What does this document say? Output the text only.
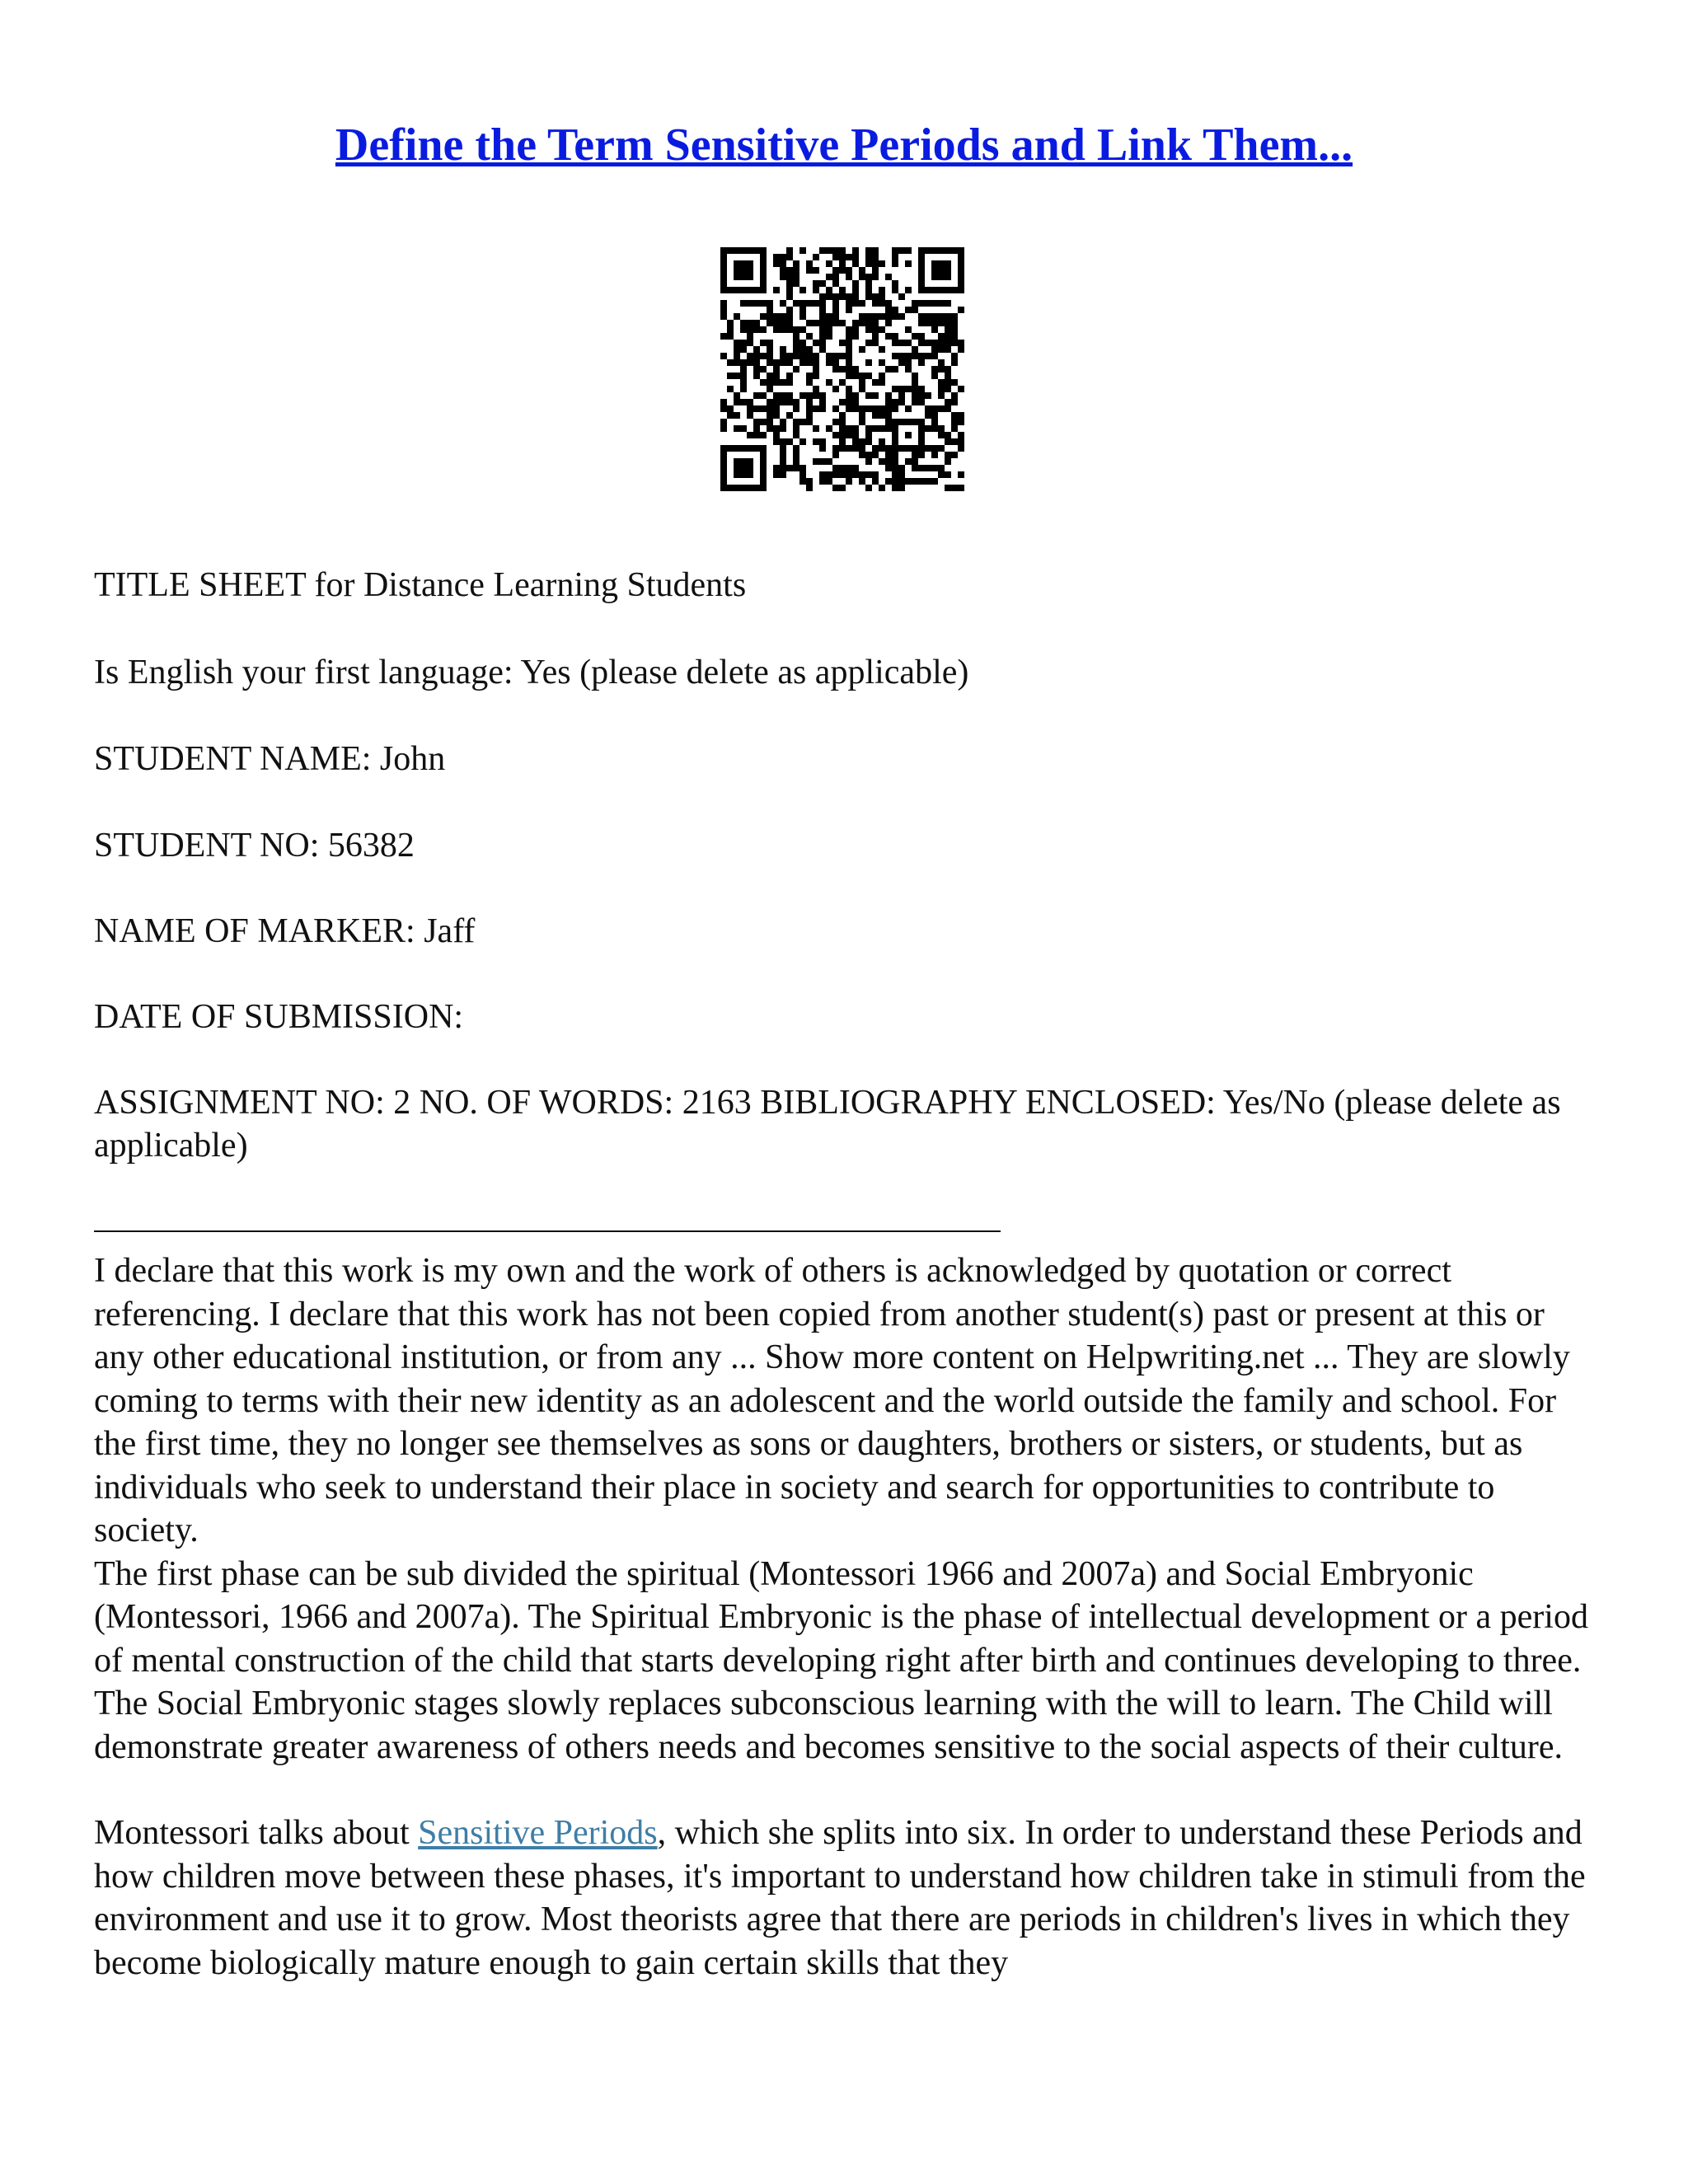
Define the Term Sensitive Periods and Link Them...
TITLE SHEET for Distance Learning Students
Is English your first language: Yes (please delete as applicable)
STUDENT NAME: John
STUDENT NO: 56382
NAME OF MARKER: Jaff
DATE OF SUBMISSION:
ASSIGNMENT NO: 2 NO. OF WORDS: 2163 BIBLIOGRAPHY ENCLOSED: Yes/No (please delete as applicable)

I declare that this work is my own and the work of others is acknowledged by quotation or correct referencing. I declare that this work has not been copied from another student(s) past or present at this or any other educational institution, or from any ... Show more content on Helpwriting.net ... They are slowly coming to terms with their new identity as an adolescent and the world outside the family and school. For the first time, they no longer see themselves as sons or daughters, brothers or sisters, or students, but as individuals who seek to understand their place in society and search for opportunities to contribute to society.

The first phase can be sub divided the spiritual (Montessori 1966 and 2007a) and Social Embryonic (Montessori, 1966 and 2007a). The Spiritual Embryonic is the phase of intellectual development or a period of mental construction of the child that starts developing right after birth and continues developing to three. The Social Embryonic stages slowly replaces subconscious learning with the will to learn. The Child will demonstrate greater awareness of others needs and becomes sensitive to the social aspects of their culture.

Montessori talks about Sensitive Periods, which she splits into six. In order to understand these Periods and how children move between these phases, it's important to understand how children take in stimuli from the environment and use it to grow. Most theorists agree that there are periods in children's lives in which they become biologically mature enough to gain certain skills that they
